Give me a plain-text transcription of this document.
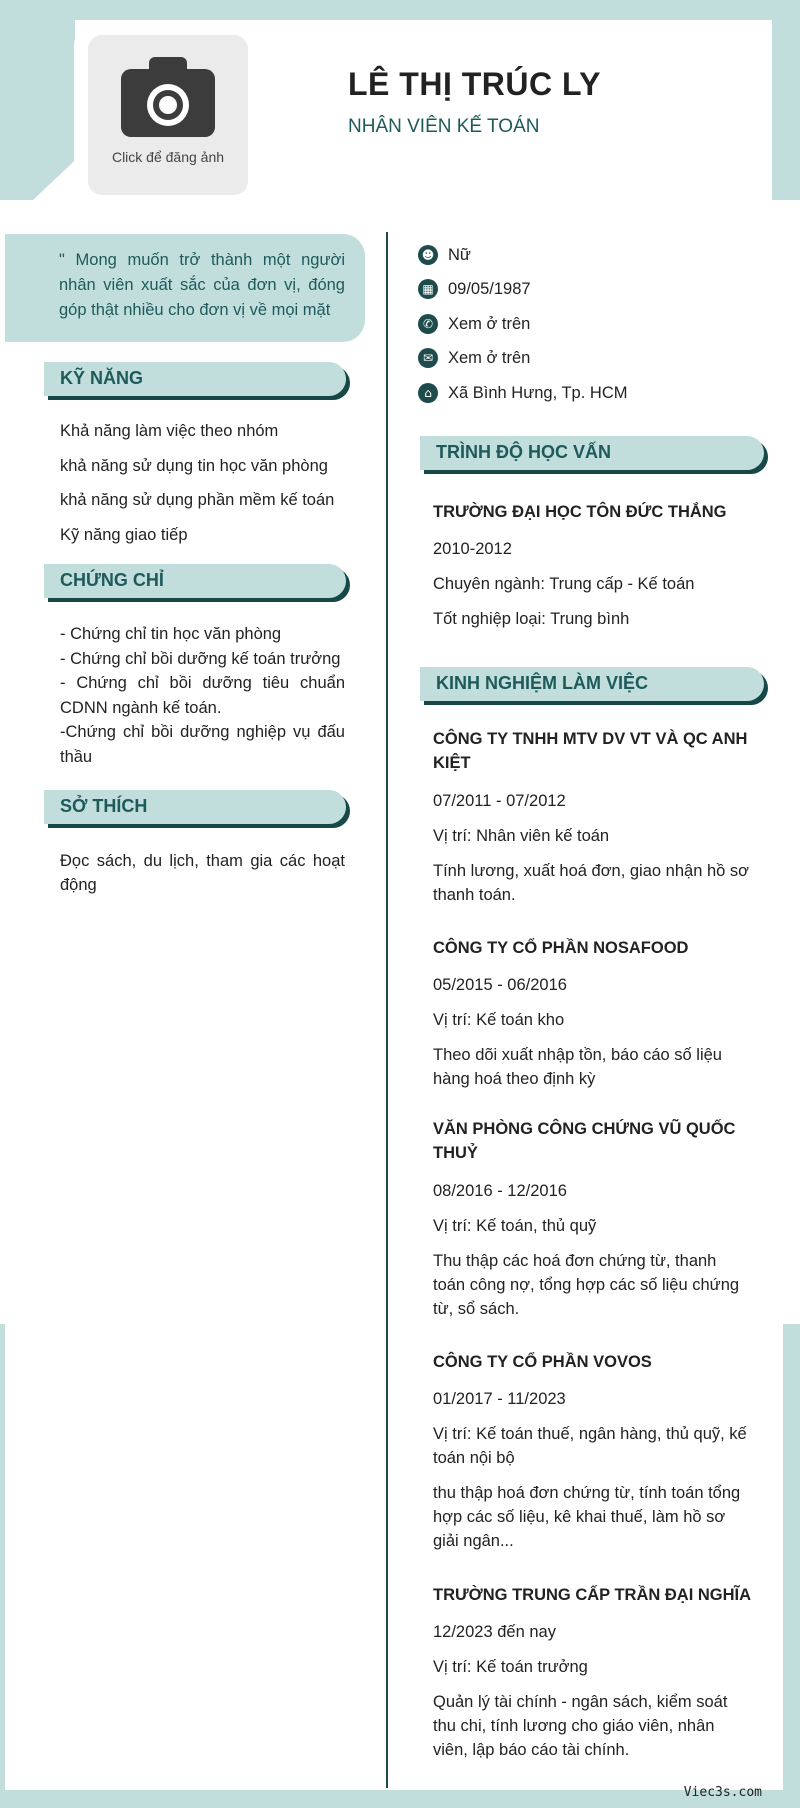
Click để đăng ảnh
LÊ THỊ TRÚC LY
NHÂN VIÊN KẾ TOÁN

" Mong muốn trở thành một người nhân viên xuất sắc của đơn vị, đóng góp thật nhiều cho đơn vị về mọi mặt

KỸ NĂNG
Khả năng làm việc theo nhóm
khả năng sử dụng tin học văn phòng
khả năng sử dụng phần mềm kế toán
Kỹ năng giao tiếp
CHỨNG CHỈ
- Chứng chỉ tin học văn phòng
- Chứng chỉ bồi dưỡng kế toán trưởng
- Chứng chỉ bồi dưỡng tiêu chuẩn CDNN ngành kế toán.
-Chứng chỉ bồi dưỡng nghiệp vụ đấu thầu
SỞ THÍCH
Đọc sách, du lịch, tham gia các hoạt động
☻ Nữ
▦ 09/05/1987
✆ Xem ở trên
✉ Xem ở trên
⌂ Xã Bình Hưng, Tp. HCM
TRÌNH ĐỘ HỌC VẤN
TRƯỜNG ĐẠI HỌC TÔN ĐỨC THẮNG
2010-2012
Chuyên ngành: Trung cấp - Kế toán
Tốt nghiệp loại: Trung bình
KINH NGHIỆM LÀM VIỆC
CÔNG TY TNHH MTV DV VT VÀ QC ANH KIỆT
07/2011 - 07/2012
Vị trí: Nhân viên kế toán
Tính lương, xuất hoá đơn, giao nhận hồ sơ thanh toán.
CÔNG TY CỔ PHẦN NOSAFOOD
05/2015 - 06/2016
Vị trí: Kế toán kho
Theo dõi xuất nhập tồn, báo cáo số liệu hàng hoá theo định kỳ
VĂN PHÒNG CÔNG CHỨNG VŨ QUỐC THUỶ
08/2016 - 12/2016
Vị trí: Kế toán, thủ quỹ
Thu thập các hoá đơn chứng từ, thanh toán công nợ, tổng hợp các số liệu chứng từ, sổ sách.
CÔNG TY CỔ PHẦN VOVOS
01/2017 - 11/2023
Vị trí: Kế toán thuế, ngân hàng, thủ quỹ, kế toán nội bộ
thu thập hoá đơn chứng từ, tính toán tổng hợp các số liệu, kê khai thuế, làm hồ sơ giải ngân...
TRƯỜNG TRUNG CẤP TRẦN ĐẠI NGHĨA
12/2023 đến nay
Vị trí: Kế toán trưởng
Quản lý tài chính - ngân sách, kiểm soát thu chi, tính lương cho giáo viên, nhân viên, lập báo cáo tài chính.
Viec3s.com
